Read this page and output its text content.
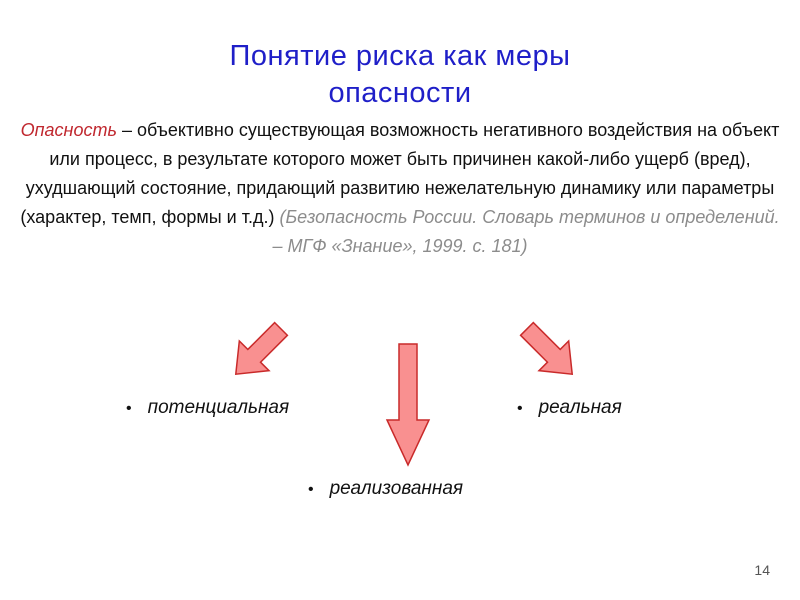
Понятие риска как меры
опасности
Опасность – объективно существующая возможность негативного воздействия на объект или процесс, в результате которого может быть причинен какой-либо ущерб (вред), ухудшающий состояние, придающий развитию нежелательную динамику или параметры (характер, темп, формы и т.д.) (Безопасность России. Словарь терминов и определений. – МГФ «Знание», 1999. с. 181)
• потенциальная	• реальная
• реализованная
14
